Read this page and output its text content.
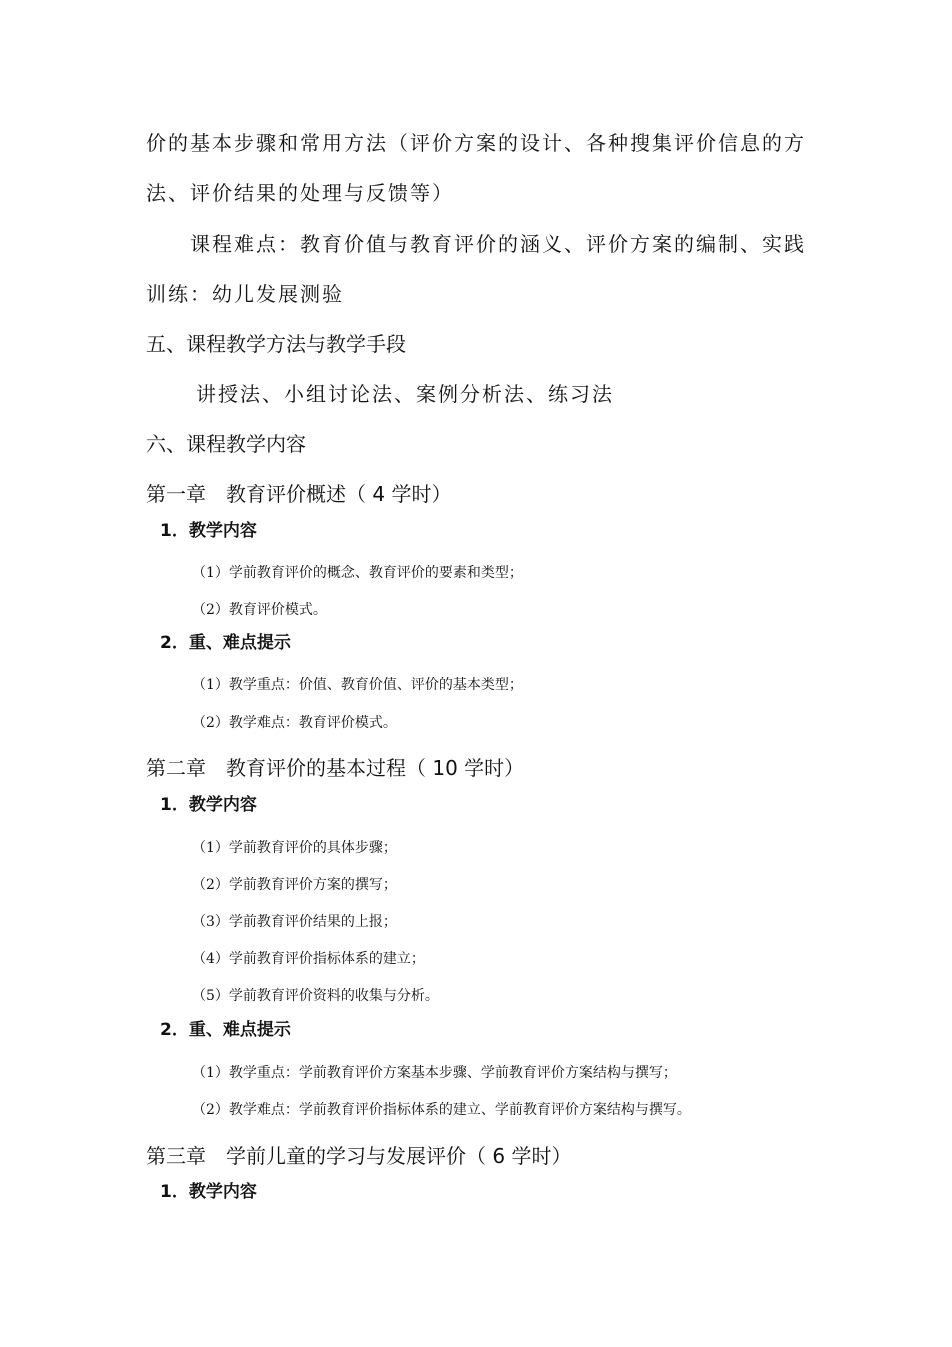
价的基本步骤和常用方法（评价方案的设计、各种搜集评价信息的方
法、评价结果的处理与反馈等）
课程难点：教育价值与教育评价的涵义、评价方案的编制、实践
训练：幼儿发展测验
五、课程教学方法与教学手段
讲授法、小组讨论法、案例分析法、练习法
六、课程教学内容
第一章　教育评价概述（ 4 学时）
1．教学内容
（1）学前教育评价的概念、教育评价的要素和类型；
（2）教育评价模式。
2．重、难点提示
（1）教学重点：价值、教育价值、评价的基本类型；
（2）教学难点：教育评价模式。
第二章　教育评价的基本过程（ 10 学时）
1．教学内容
（1）学前教育评价的具体步骤；
（2）学前教育评价方案的撰写；
（3）学前教育评价结果的上报；
（4）学前教育评价指标体系的建立；
（5）学前教育评价资料的收集与分析。
2．重、难点提示
（1）教学重点：学前教育评价方案基本步骤、学前教育评价方案结构与撰写；
（2）教学难点：学前教育评价指标体系的建立、学前教育评价方案结构与撰写。
第三章　学前儿童的学习与发展评价（ 6 学时）
1．教学内容
